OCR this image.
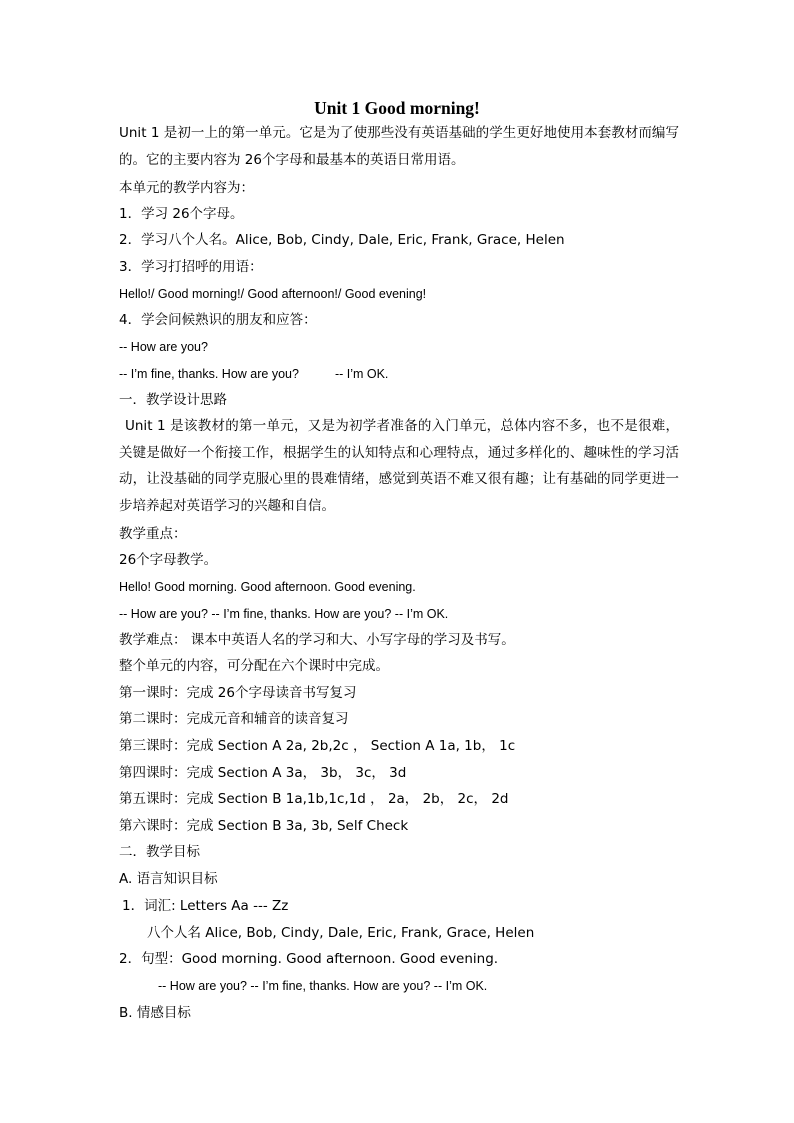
Unit 1 Good morning!
Unit 1 是初一上的第一单元。它是为了使那些没有英语基础的学生更好地使用本套教材而编写的。它的主要内容为 26个字母和最基本的英语日常用语。
本单元的教学内容为：
1．学习 26个字母。
2．学习八个人名。Alice, Bob, Cindy, Dale, Eric, Frank, Grace, Helen
3．学习打招呼的用语：
Hello!/ Good morning!/ Good afternoon!/ Good evening!
4．学会问候熟识的朋友和应答：
-- How are you?
-- I’m fine, thanks. How are you?	-- I’m OK.
一．教学设计思路
Unit 1 是该教材的第一单元，又是为初学者准备的入门单元，总体内容不多，也不是很难，关键是做好一个衔接工作，根据学生的认知特点和心理特点，通过多样化的、趣味性的学习活动，让没基础的同学克服心里的畏难情绪，感觉到英语不难又很有趣；让有基础的同学更进一步培养起对英语学习的兴趣和自信。
教学重点：
26个字母教学。
Hello! Good morning. Good afternoon. Good evening.
-- How are you? -- I’m fine, thanks. How are you? -- I’m OK.
教学难点： 课本中英语人名的学习和大、小写字母的学习及书写。
整个单元的内容，可分配在六个课时中完成。
第一课时：完成 26个字母读音书写复习
第二课时：完成元音和辅音的读音复习
第三课时：完成 Section A 2a, 2b,2c ， Section A 1a, 1b， 1c
第四课时：完成 Section A 3a， 3b， 3c， 3d
第五课时：完成 Section B 1a,1b,1c,1d ， 2a， 2b， 2c， 2d
第六课时：完成 Section B 3a, 3b, Self Check
二．教学目标
A. 语言知识目标
1．词汇: Letters Aa --- Zz
八个人名 Alice, Bob, Cindy, Dale, Eric, Frank, Grace, Helen
2．句型：Good morning. Good afternoon. Good evening.
-- How are you? -- I’m fine, thanks. How are you? -- I’m OK.
B. 情感目标
